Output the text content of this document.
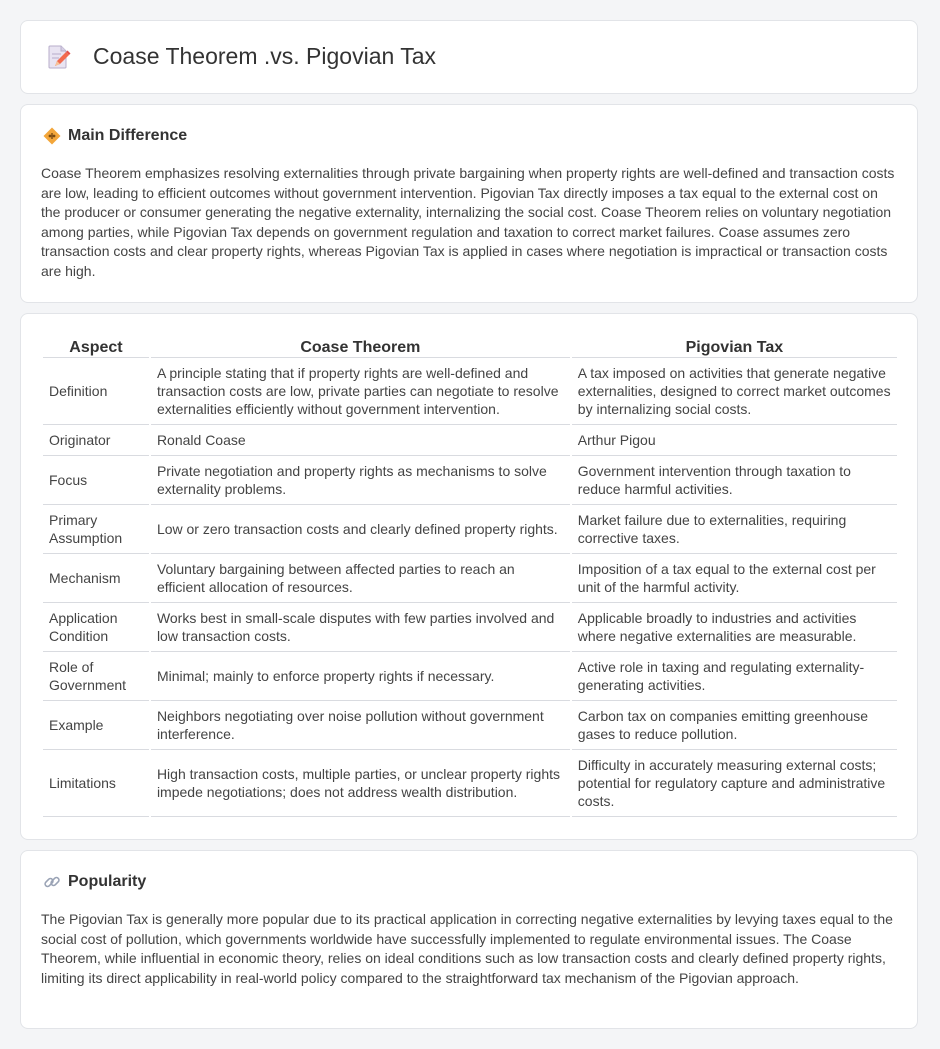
Coase Theorem .vs. Pigovian Tax
Main Difference

Coase Theorem emphasizes resolving externalities through private bargaining when property rights are well-defined and transaction costs are low, leading to efficient outcomes without government intervention. Pigovian Tax directly imposes a tax equal to the external cost on the producer or consumer generating the negative externality, internalizing the social cost. Coase Theorem relies on voluntary negotiation among parties, while Pigovian Tax depends on government regulation and taxation to correct market failures. Coase assumes zero transaction costs and clear property rights, whereas Pigovian Tax is applied in cases where negotiation is impractical or transaction costs are high.

Aspect	Coase Theorem	Pigovian Tax
Definition	A principle stating that if property rights are well-defined and transaction costs are low, private parties can negotiate to resolve externalities efficiently without government intervention.	A tax imposed on activities that generate negative externalities, designed to correct market outcomes by internalizing social costs.
Originator	Ronald Coase	Arthur Pigou
Focus	Private negotiation and property rights as mechanisms to solve externality problems.	Government intervention through taxation to reduce harmful activities.
Primary Assumption	Low or zero transaction costs and clearly defined property rights.	Market failure due to externalities, requiring corrective taxes.
Mechanism	Voluntary bargaining between affected parties to reach an efficient allocation of resources.	Imposition of a tax equal to the external cost per unit of the harmful activity.
Application Condition	Works best in small-scale disputes with few parties involved and low transaction costs.	Applicable broadly to industries and activities where negative externalities are measurable.
Role of Government	Minimal; mainly to enforce property rights if necessary.	Active role in taxing and regulating externality-generating activities.
Example	Neighbors negotiating over noise pollution without government interference.	Carbon tax on companies emitting greenhouse gases to reduce pollution.
Limitations	High transaction costs, multiple parties, or unclear property rights impede negotiations; does not address wealth distribution.	Difficulty in accurately measuring external costs; potential for regulatory capture and administrative costs.
Popularity

The Pigovian Tax is generally more popular due to its practical application in correcting negative externalities by levying taxes equal to the social cost of pollution, which governments worldwide have successfully implemented to regulate environmental issues. The Coase Theorem, while influential in economic theory, relies on ideal conditions such as low transaction costs and clearly defined property rights, limiting its direct applicability in real-world policy compared to the straightforward tax mechanism of the Pigovian approach.
